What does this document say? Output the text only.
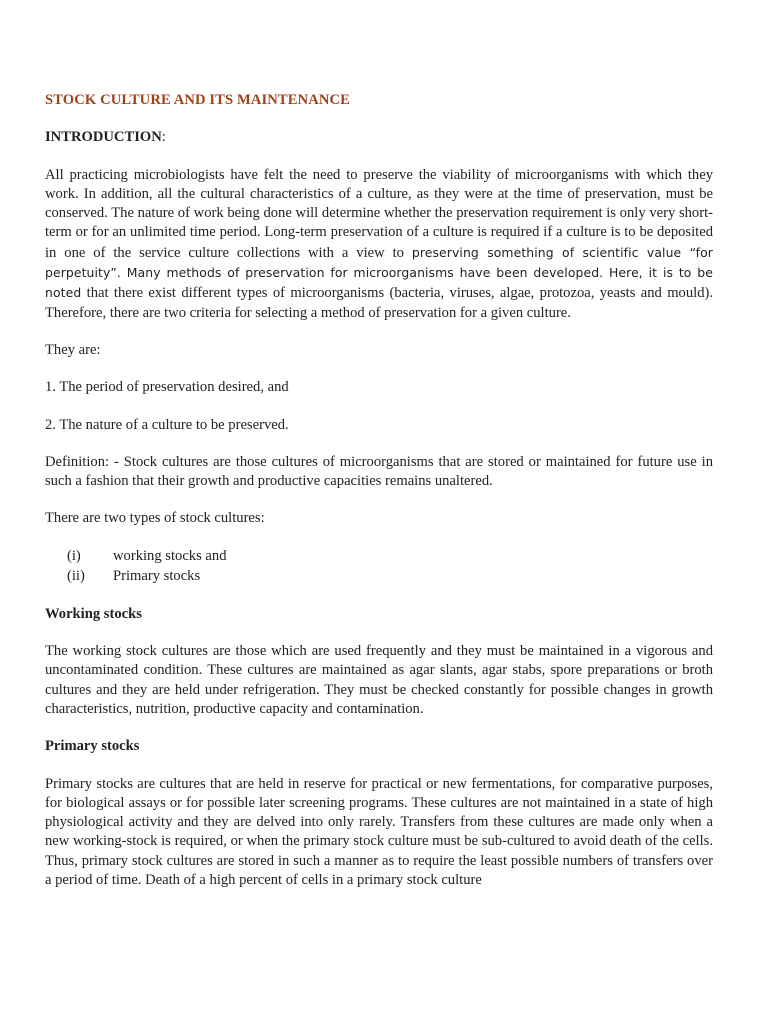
STOCK CULTURE AND ITS MAINTENANCE
INTRODUCTION:

All practicing microbiologists have felt the need to preserve the viability of microorganisms with which they work. In addition, all the cultural characteristics of a culture, as they were at the time of preservation, must be conserved. The nature of work being done will determine whether the preservation requirement is only very short-term or for an unlimited time period. Long-term preservation of a culture is required if a culture is to be deposited in one of the service culture collections with a view to preserving something of scientific value “for perpetuity”. Many methods of preservation for microorganisms have been developed. Here, it is to be noted that there exist different types of microorganisms (bacteria, viruses, algae, protozoa, yeasts and mould). Therefore, there are two criteria for selecting a method of preservation for a given culture.

They are:
1. The period of preservation desired, and
2. The nature of a culture to be preserved.

Definition: - Stock cultures are those cultures of microorganisms that are stored or maintained for future use in such a fashion that their growth and productive capacities remains unaltered.

There are two types of stock cultures:
(i)	working stocks and
(ii)	Primary stocks
Working stocks

The working stock cultures are those which are used frequently and they must be maintained in a vigorous and uncontaminated condition. These cultures are maintained as agar slants, agar stabs, spore preparations or broth cultures and they are held under refrigeration. They must be checked constantly for possible changes in growth characteristics, nutrition, productive capacity and contamination.

Primary stocks

Primary stocks are cultures that are held in reserve for practical or new fermentations, for comparative purposes, for biological assays or for possible later screening programs. These cultures are not maintained in a state of high physiological activity and they are delved into only rarely. Transfers from these cultures are made only when a new working-stock is required, or when the primary stock culture must be sub-cultured to avoid death of the cells. Thus, primary stock cultures are stored in such a manner as to require the least possible numbers of transfers over a period of time. Death of a high percent of cells in a primary stock culture
